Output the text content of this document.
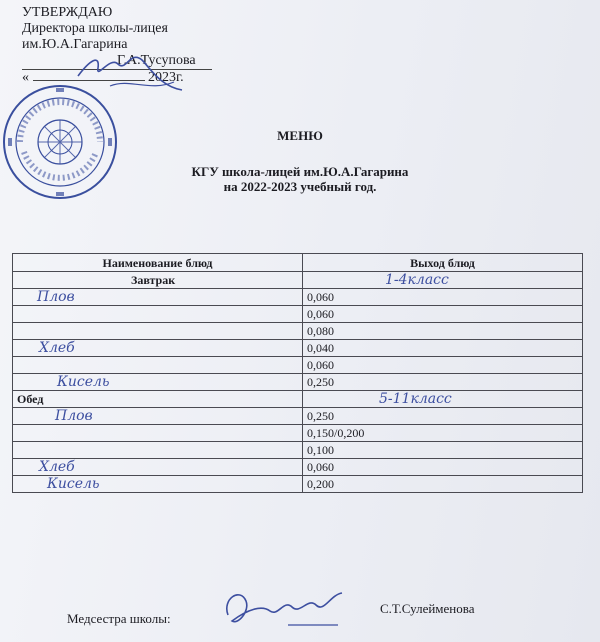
УТВЕРЖДАЮ
Директора школы-лицея
им.Ю.А.Гагарина
Г.А.Тусупова

«	2023г.
МЕНЮ
КГУ школа-лицей им.Ю.А.Гагарина
на 2022-2023 учебный год.
Наименование блюд	Выход блюд
Завтрак	1-4класс
Плов	0,060
	0,060
	0,080
Хлеб	0,040
	0,060
Кисель	0,250
Обед	5-11класс
Плов	0,250
	0,150/0,200
	0,100
Хлеб	0,060
Кисель	0,200
Медсестра школы:
С.Т.Сулейменова
